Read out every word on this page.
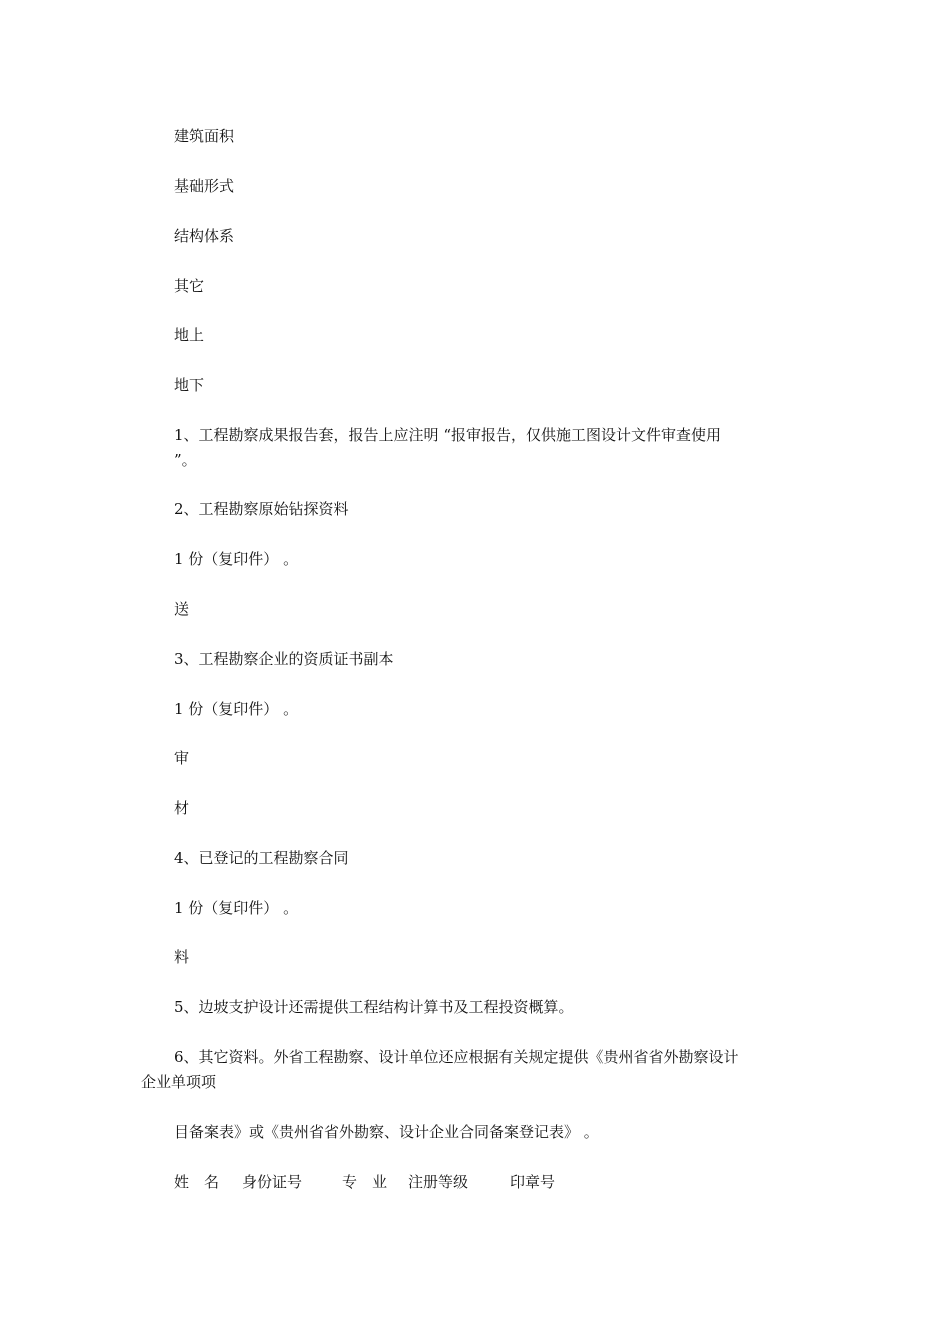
建筑面积
基础形式
结构体系
其它
地上
地下
1、工程勘察成果报告套，报告上应注明 “报审报告，仅供施工图设计文件审查使用
”。
2、工程勘察原始钻探资料
1 份（复印件） 。
送
3、工程勘察企业的资质证书副本
1 份（复印件） 。
审
材
4、已登记的工程勘察合同
1 份（复印件） 。
料
5、边坡支护设计还需提供工程结构计算书及工程投资概算。
6、其它资料。外省工程勘察、设计单位还应根据有关规定提供《贵州省省外勘察设计
企业单项项
目备案表》或《贵州省省外勘察、设计企业合同备案登记表》 。
姓　名	身份证号	专　业	注册等级	印章号
